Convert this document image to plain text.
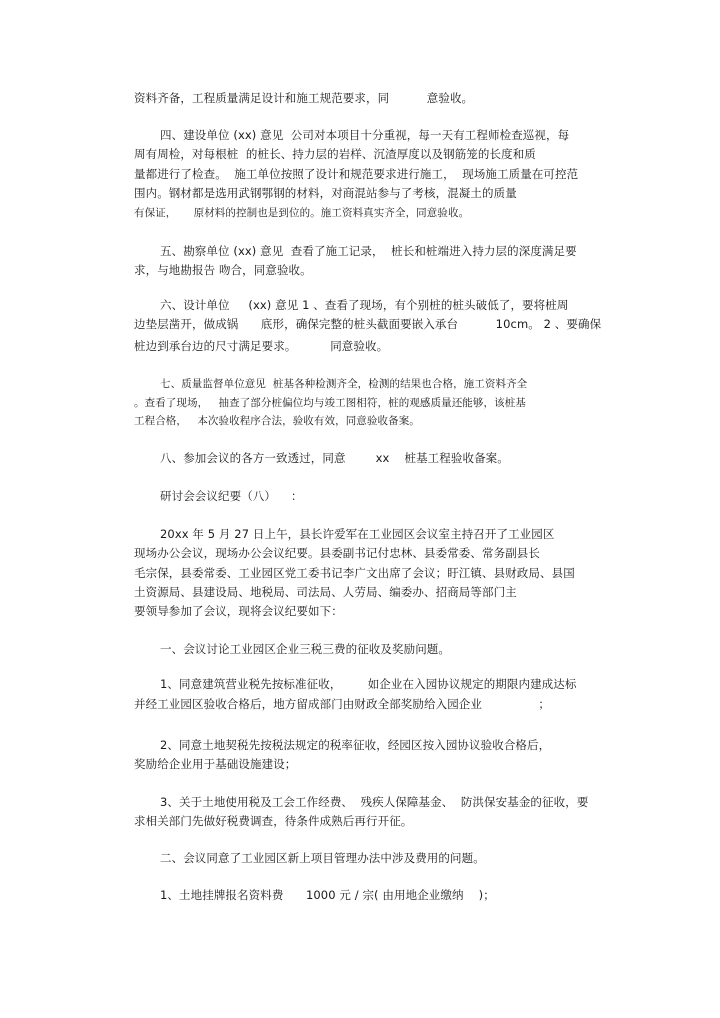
资料齐备，工程质量满足设计和施工规范要求，同          意验收。
四、建设单位 (xx) 意见  公司对本项目十分重视，每一天有工程师检查巡视，每
周有周检，对每根桩  的桩长、持力层的岩样、沉渣厚度以及钢筋笼的长度和质
量都进行了检查。  施工单位按照了设计和规范要求进行施工，  现场施工质量在可控范
围内。钢材都是选用武钢鄂钢的材料，对商混站参与了考核，混凝土的质量
有保证，     原材料的控制也是到位的。施工资料真实齐全，同意验收。
五、勘察单位 (xx) 意见  查看了施工记录，  桩长和桩端进入持力层的深度满足要
求，与地勘报告 吻合，同意验收。
六、设计单位     (xx) 意见 1 、查看了现场，有个别桩的桩头破低了，要将桩周
边垫层凿开，做成锅      底形，确保完整的桩头截面要嵌入承台          10cm。 2 、要确保
桩边到承台边的尺寸满足要求。         同意验收。
七、质量监督单位意见  桩基各种检测齐全，检测的结果也合格，施工资料齐全
。查看了现场，   抽查了部分桩偏位均与竣工图相符，桩的观感质量还能够，该桩基
工程合格，   本次验收程序合法，验收有效，同意验收备案。
八、参加会议的各方一致透过，同意        xx    桩基工程验收备案。
研讨会会议纪要（八）    ：
20xx 年 5 月 27 日上午，县长许爱军在工业园区会议室主持召开了工业园区
现场办公会议，现场办公会议纪要。县委副书记付忠林、县委常委、常务副县长
毛宗保，县委常委、工业园区党工委书记李广文出席了会议；盱江镇、县财政局、县国
土资源局、县建设局、地税局、司法局、人劳局、编委办、招商局等部门主
要领导参加了会议，现将会议纪要如下：
一、会议讨论工业园区企业三税三费的征收及奖励问题。
1、同意建筑营业税先按标准征收，       如企业在入园协议规定的期限内建成达标
并经工业园区验收合格后，地方留成部门由财政全部奖励给入园企业               ；
2、同意土地契税先按税法规定的税率征收，经园区按入园协议验收合格后，
奖励给企业用于基础设施建设；
3、关于土地使用税及工会工作经费、  残疾人保障基金、  防洪保安基金的征收，要
求相关部门先做好税费调查，待条件成熟后再行开征。
二、会议同意了工业园区新上项目管理办法中涉及费用的问题。
1、土地挂牌报名资料费      1000 元 / 宗( 由用地企业缴纳    )；
